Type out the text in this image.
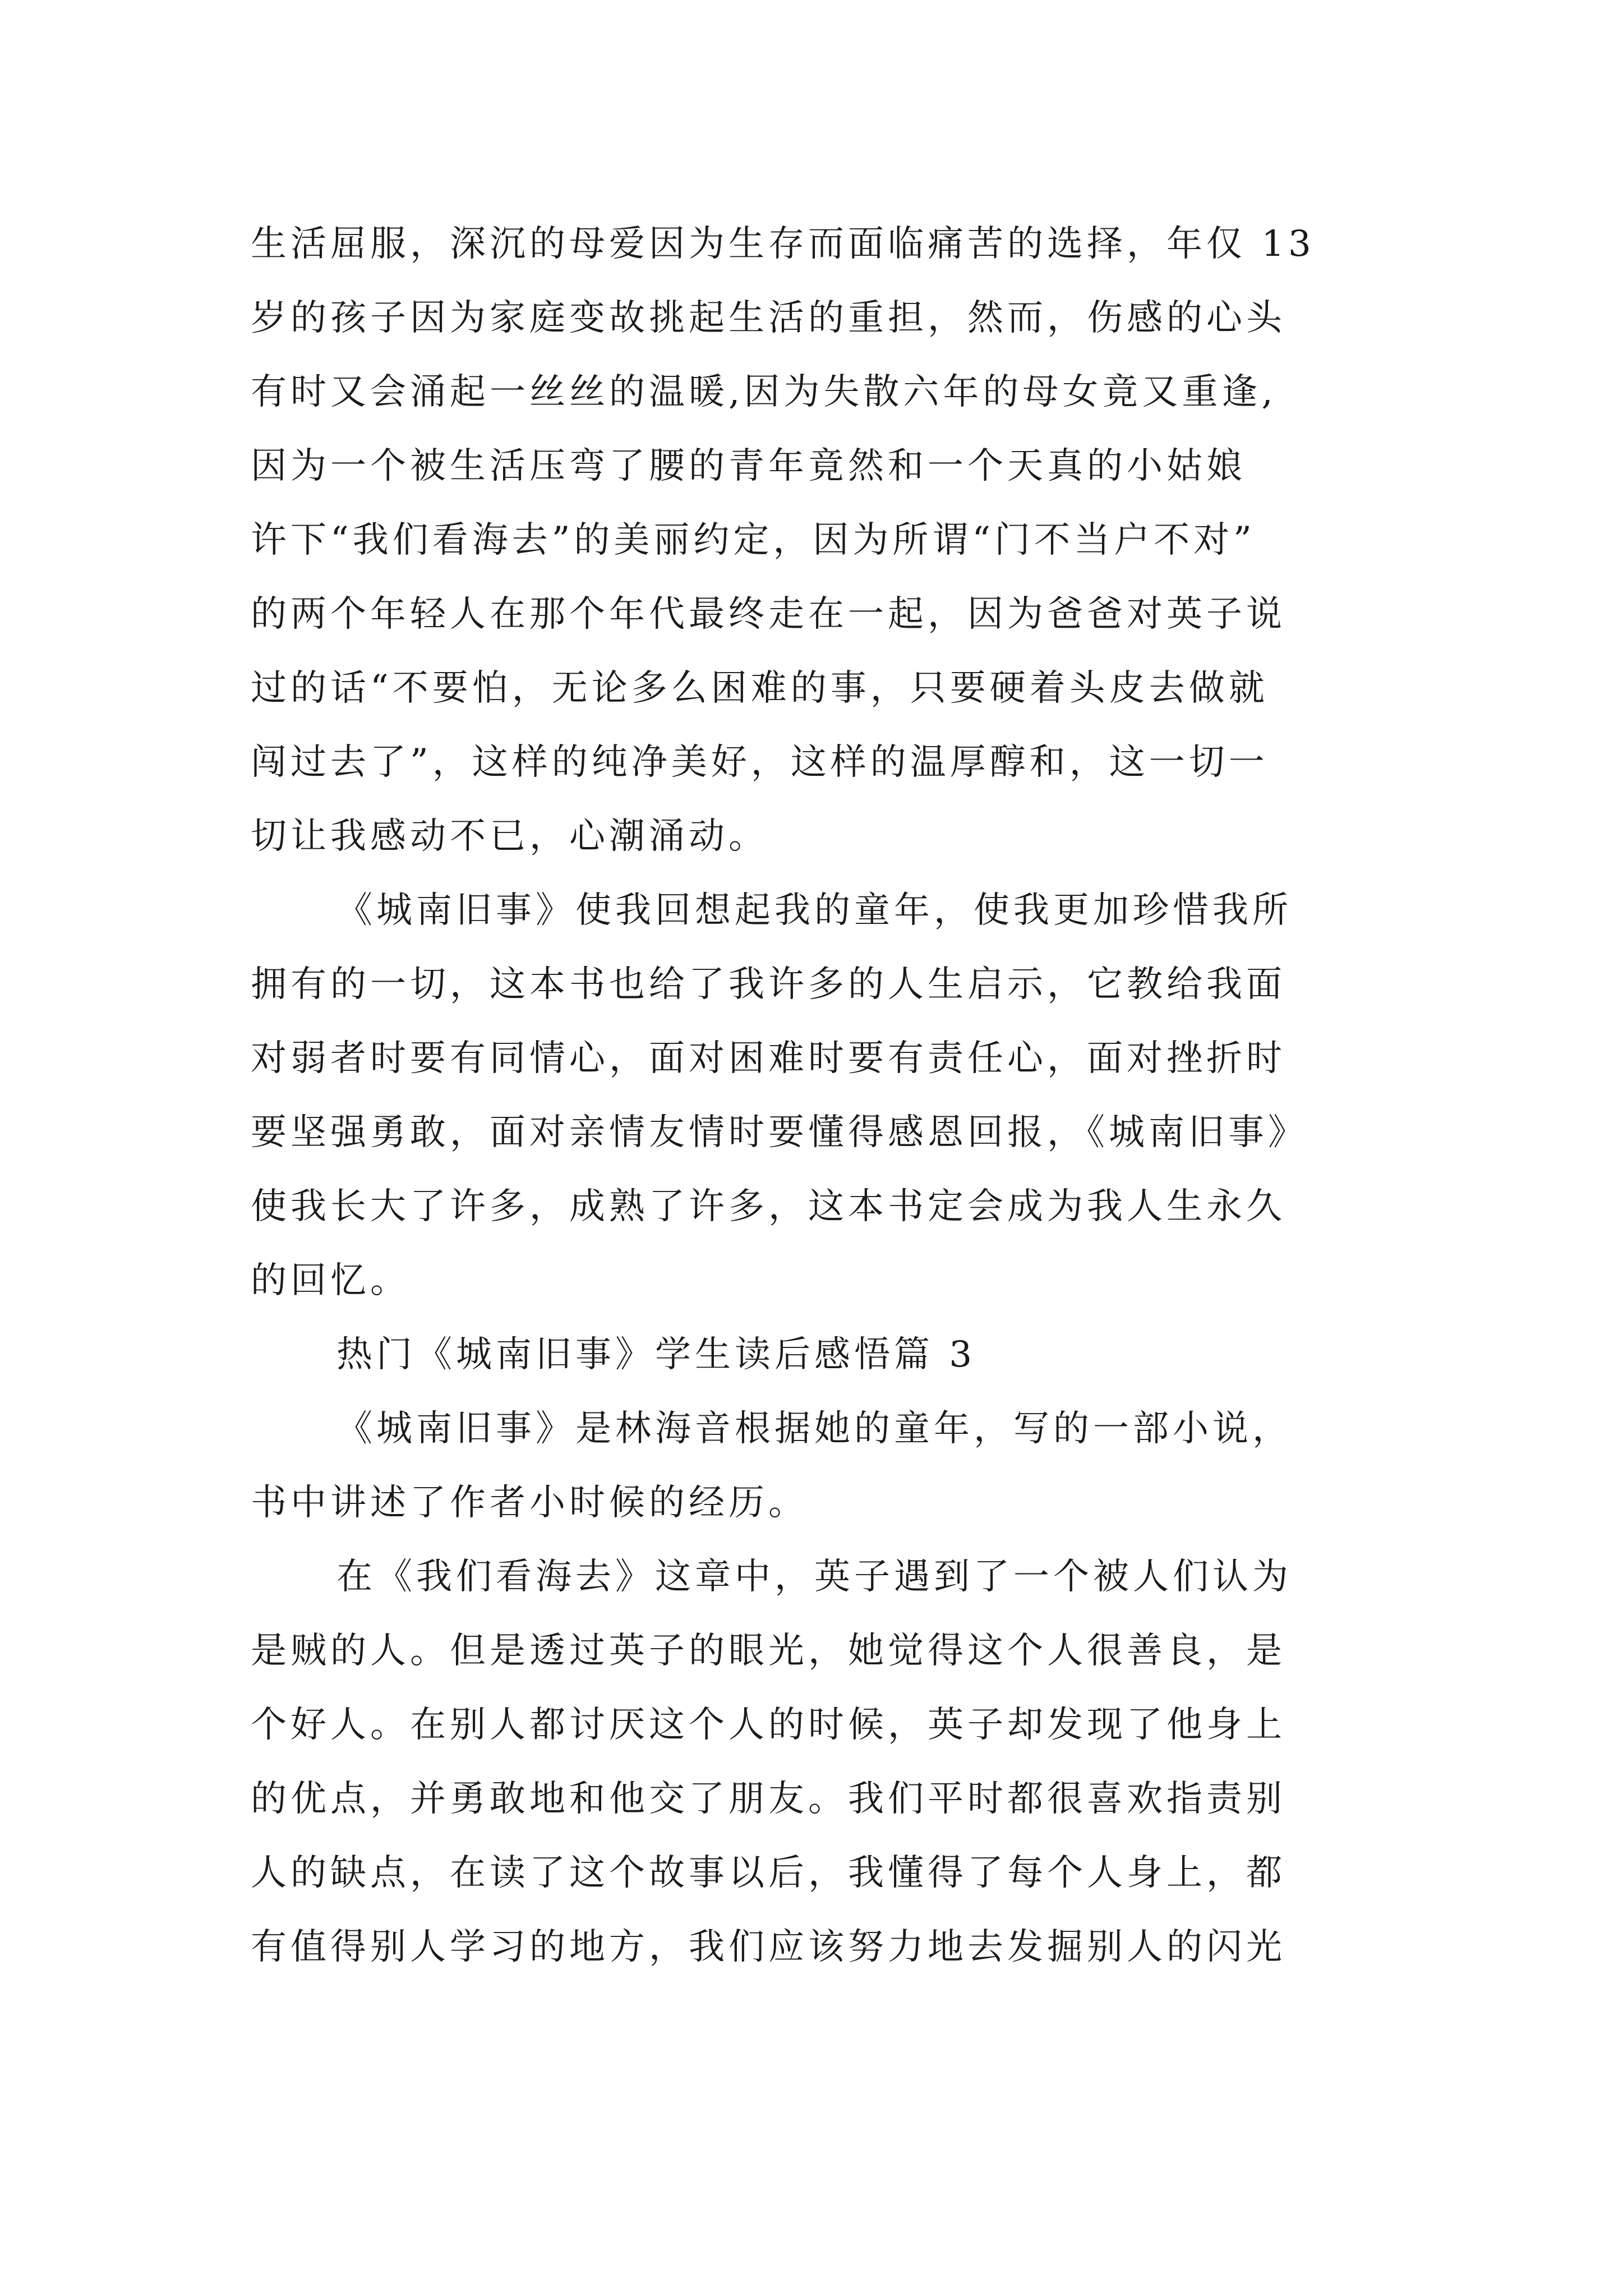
生活屈服，深沉的母爱因为生存而面临痛苦的选择，年仅 13
岁的孩子因为家庭变故挑起生活的重担，然而，伤感的心头
有时又会涌起一丝丝的温暖,因为失散六年的母女竟又重逢,
因为一个被生活压弯了腰的青年竟然和一个天真的小姑娘
许下“我们看海去”的美丽约定，因为所谓“门不当户不对”
的两个年轻人在那个年代最终走在一起，因为爸爸对英子说
过的话“不要怕，无论多么困难的事，只要硬着头皮去做就
闯过去了”，这样的纯净美好，这样的温厚醇和，这一切一
切让我感动不已，心潮涌动。
《城南旧事》使我回想起我的童年，使我更加珍惜我所
拥有的一切，这本书也给了我许多的人生启示，它教给我面
对弱者时要有同情心，面对困难时要有责任心，面对挫折时
要坚强勇敢，面对亲情友情时要懂得感恩回报，《城南旧事》
使我长大了许多，成熟了许多，这本书定会成为我人生永久
的回忆。
热门《城南旧事》学生读后感悟篇 3
《城南旧事》是林海音根据她的童年，写的一部小说，
书中讲述了作者小时候的经历。
在《我们看海去》这章中，英子遇到了一个被人们认为
是贼的人。但是透过英子的眼光，她觉得这个人很善良，是
个好人。在别人都讨厌这个人的时候，英子却发现了他身上
的优点，并勇敢地和他交了朋友。我们平时都很喜欢指责别
人的缺点，在读了这个故事以后，我懂得了每个人身上，都
有值得别人学习的地方，我们应该努力地去发掘别人的闪光
